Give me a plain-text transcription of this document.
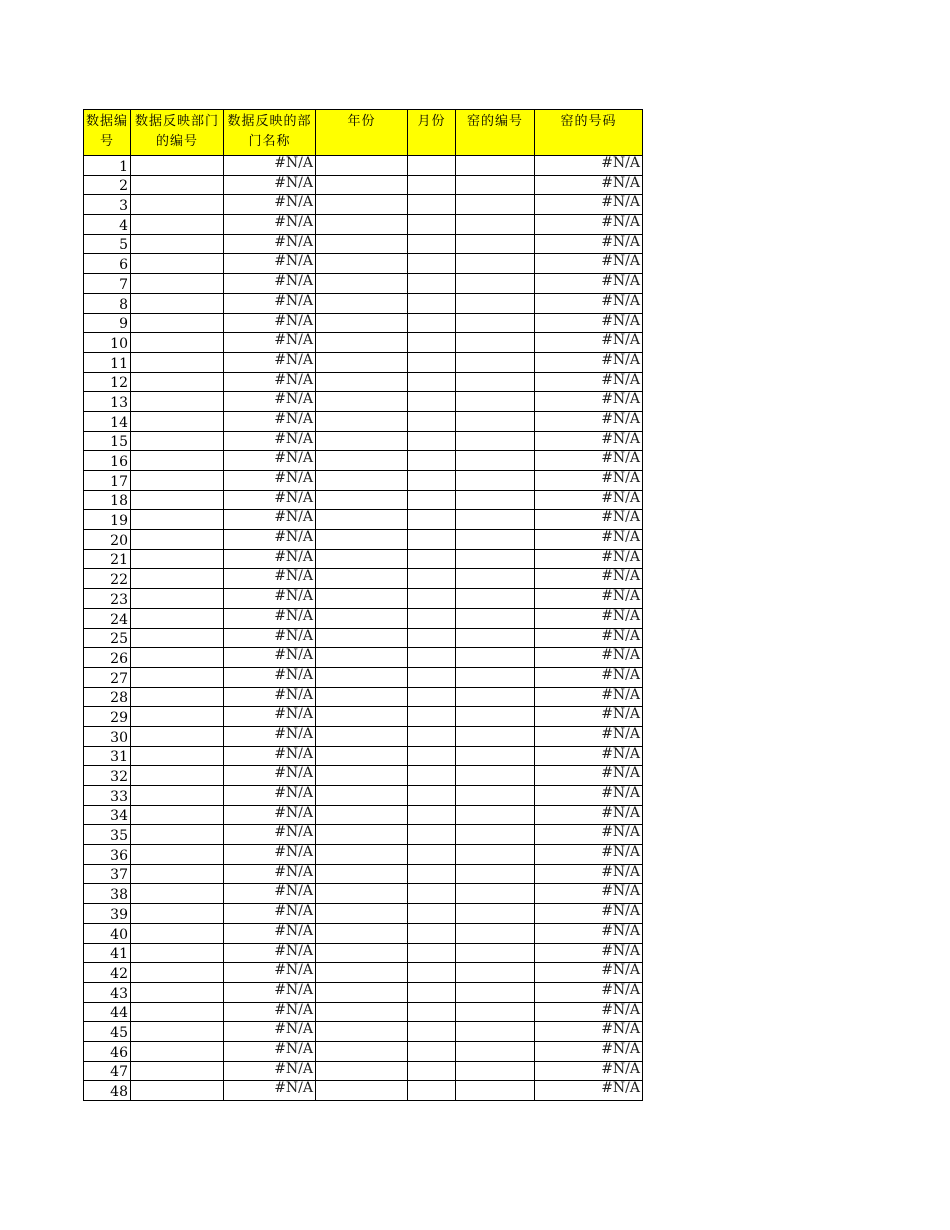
数据编号	数据反映部门的编号	数据反映的部门名称	年份	月份	窑的编号	窑的号码
1		#N/A				#N/A
2		#N/A				#N/A
3		#N/A				#N/A
4		#N/A				#N/A
5		#N/A				#N/A
6		#N/A				#N/A
7		#N/A				#N/A
8		#N/A				#N/A
9		#N/A				#N/A
10		#N/A				#N/A
11		#N/A				#N/A
12		#N/A				#N/A
13		#N/A				#N/A
14		#N/A				#N/A
15		#N/A				#N/A
16		#N/A				#N/A
17		#N/A				#N/A
18		#N/A				#N/A
19		#N/A				#N/A
20		#N/A				#N/A
21		#N/A				#N/A
22		#N/A				#N/A
23		#N/A				#N/A
24		#N/A				#N/A
25		#N/A				#N/A
26		#N/A				#N/A
27		#N/A				#N/A
28		#N/A				#N/A
29		#N/A				#N/A
30		#N/A				#N/A
31		#N/A				#N/A
32		#N/A				#N/A
33		#N/A				#N/A
34		#N/A				#N/A
35		#N/A				#N/A
36		#N/A				#N/A
37		#N/A				#N/A
38		#N/A				#N/A
39		#N/A				#N/A
40		#N/A				#N/A
41		#N/A				#N/A
42		#N/A				#N/A
43		#N/A				#N/A
44		#N/A				#N/A
45		#N/A				#N/A
46		#N/A				#N/A
47		#N/A				#N/A
48		#N/A				#N/A
